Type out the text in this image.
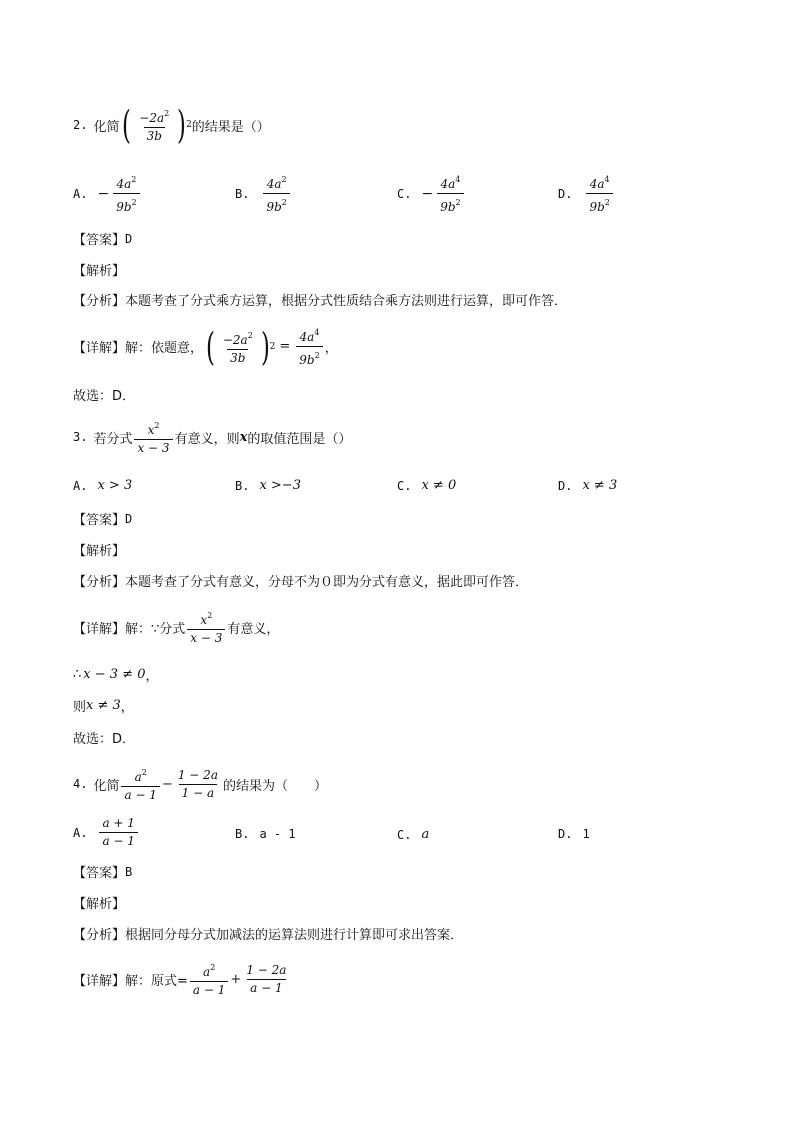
2. 化简 ( $\frac{-2a^2}{3b}$ ) 2 的结果是（）
A. − $\frac{4a^2}{9b^2}$	B. $\frac{4a^2}{9b^2}$	C. − $\frac{4a^4}{9b^2}$	D. $\frac{4a^4}{9b^2}$
【答案】 D
【解析】
【分析】 本题考查了分式乘方运算，根据分式性质结合乘方法则进行运算，即可作答．
【详解】 解：依题意， ( $\frac{-2a^2}{3b}$ ) $2 = \frac{4a^4}{9b^2}$ ，
故选：D．
3. 若分式 $\frac{x^2}{x - 3}$ 有意义，则 x 的取值范围是（）
A. x > 3	B. x >−3	C. x ≠ 0	D. x ≠ 3
【答案】 D
【解析】
【分析】 本题考查了分式有意义，分母不为０即为分式有意义，据此即可作答．
【详解】 解：∵分式 $\frac{x^2}{x - 3}$ 有意义，
∴ x − 3 ≠ 0 ，
则 x ≠ 3 ，
故选：D．
4. 化简 $\frac{a^2}{a - 1} - \frac{1 - 2a}{1 - a}$ 的结果为（　　）
A. $\frac{a + 1}{a - 1}$	B. a - 1	C. a	D. 1
【答案】 B
【解析】
【分析】 根据同分母分式加减法的运算法则进行计算即可求出答案．
【详解】 解：原式= $\frac{a^2}{a - 1} + \frac{1 - 2a}{a - 1}$
